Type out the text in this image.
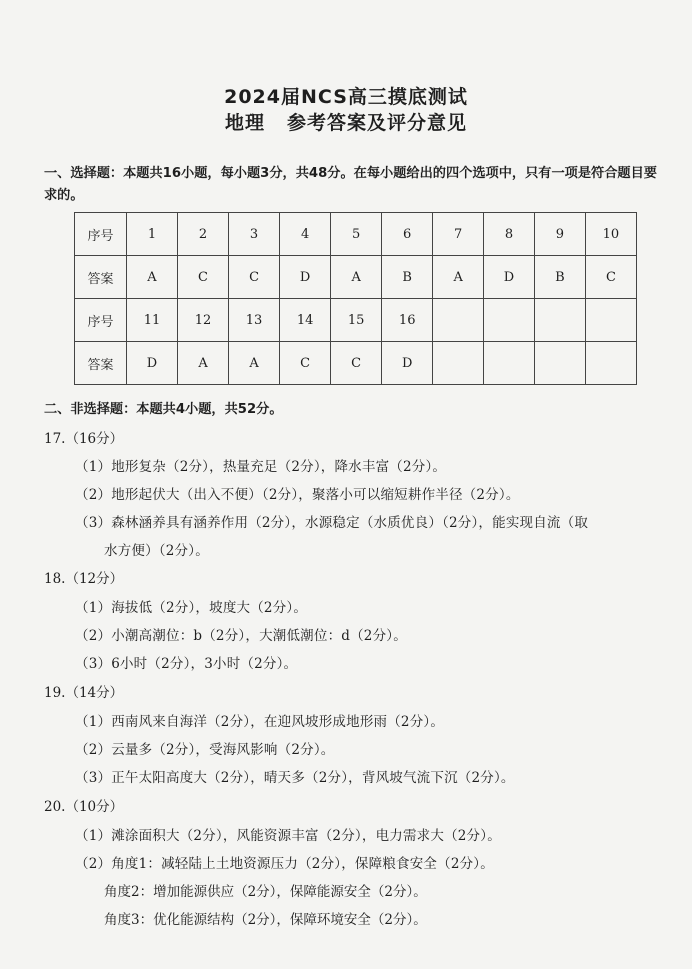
2024届NCS高三摸底测试
地理 参考答案及评分意见
一、选择题：本题共16小题，每小题3分，共48分。在每小题给出的四个选项中，只有一项是符合题目要求的。
序号	1	2	3	4	5	6	7	8	9	10
答案	A	C	C	D	A	B	A	D	B	C
序号	11	12	13	14	15	16				
答案	D	A	A	C	C	D				
二、非选择题：本题共4小题，共52分。
17.（16分）
（1）地形复杂（2分），热量充足（2分），降水丰富（2分）。
（2）地形起伏大（出入不便）（2分），聚落小可以缩短耕作半径（2分）。
（3）森林涵养具有涵养作用（2分），水源稳定（水质优良）（2分），能实现自流（取
水方便）（2分）。
18.（12分）
（1）海拔低（2分），坡度大（2分）。
（2）小潮高潮位：b（2分），大潮低潮位：d（2分）。
（3）6小时（2分），3小时（2分）。
19.（14分）
（1）西南风来自海洋（2分），在迎风坡形成地形雨（2分）。
（2）云量多（2分），受海风影响（2分）。
（3）正午太阳高度大（2分），晴天多（2分），背风坡气流下沉（2分）。
20.（10分）
（1）滩涂面积大（2分），风能资源丰富（2分），电力需求大（2分）。
（2）角度1：减轻陆上土地资源压力（2分），保障粮食安全（2分）。
角度2：增加能源供应（2分），保障能源安全（2分）。
角度3：优化能源结构（2分），保障环境安全（2分）。
